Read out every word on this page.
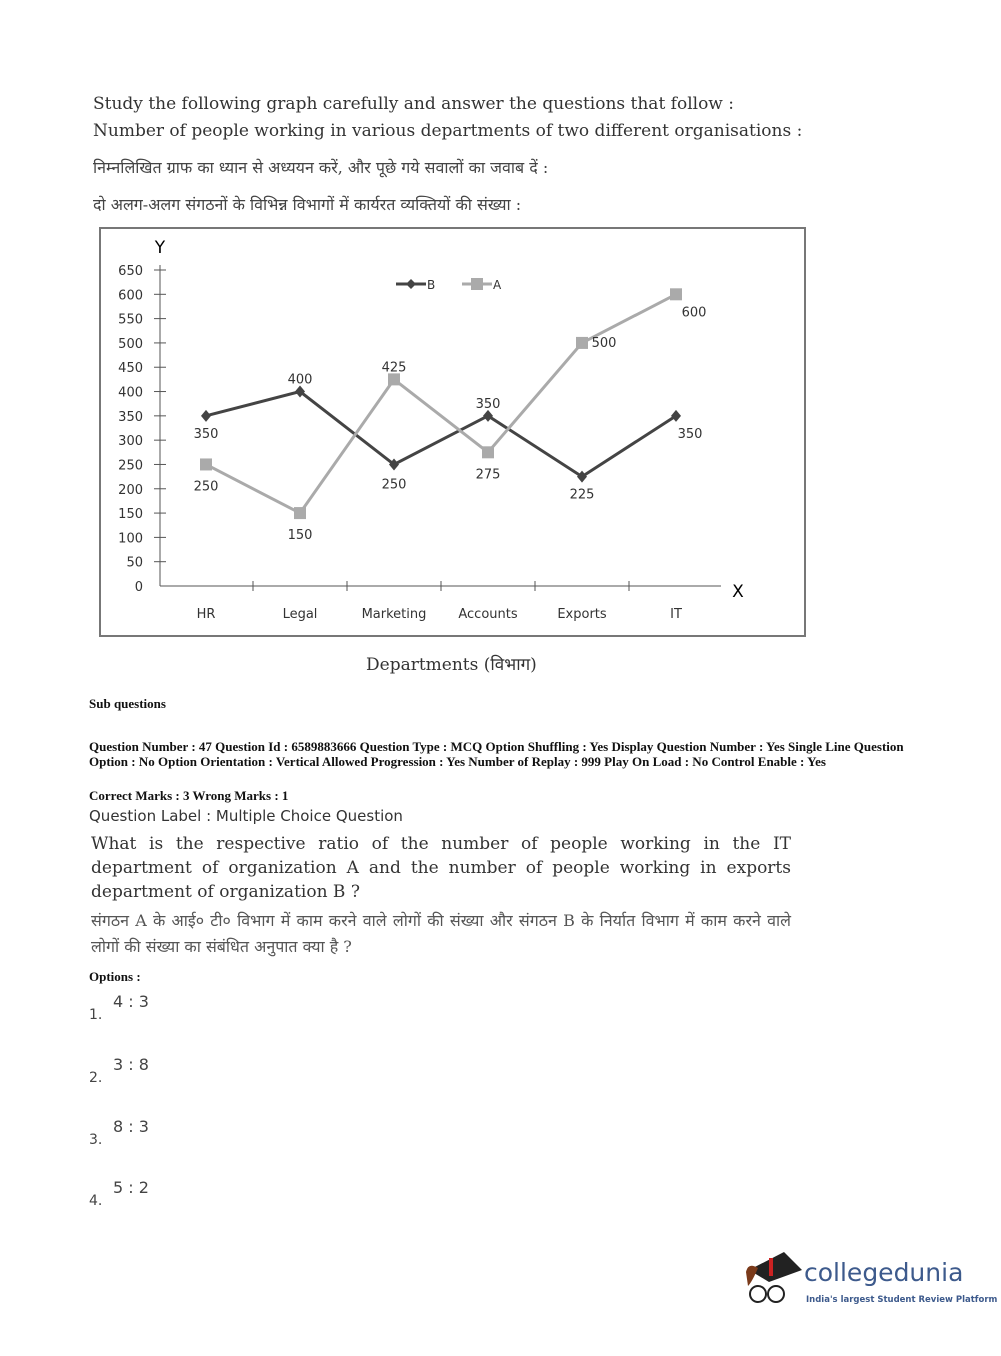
Study the following graph carefully and answer the questions that follow :
Number of people working in various departments of two different organisations :
निम्नलिखित ग्राफ का ध्यान से अध्ययन करें, और पूछे गये सवालों का जवाब दें :
दो अलग-अलग संगठनों के विभिन्न विभागों में कार्यरत व्यक्तियों की संख्या :
Y
X
0
50
100
150
200
250
300
350
400
450
500
550
600
650
HR	Legal	Marketing Accounts	Exports	IT
350
400
250
350
225
350
B
250
150
425
275
500
600
A
Departments (विभाग)
Sub questions
Question Number : 47 Question Id : 6589883666 Question Type : MCQ Option Shuffling : Yes Display Question Number : Yes Single Line Question Option : No Option Orientation : Vertical Allowed Progression : Yes Number of Replay : 999 Play On Load : No Control Enable : Yes
Correct Marks : 3 Wrong Marks : 1
Question Label : Multiple Choice Question
What is the respective ratio of the number of people working in the IT department of organization A and the number of people working in exports department of organization B ?
संगठन A के आई० टी० विभाग में काम करने वाले लोगों की संख्या और संगठन B के निर्यात विभाग में काम करने वाले लोगों की संख्या का संबंधित अनुपात क्या है ?
Options :
1.
4 : 3
2.
3 : 8
3.
8 : 3
4.
5 : 2
collegedunia
India's largest Student Review Platform
